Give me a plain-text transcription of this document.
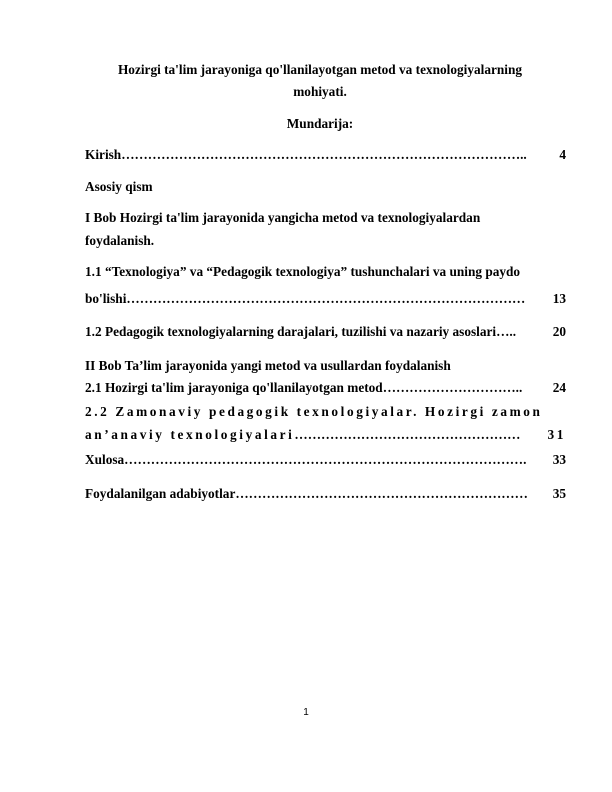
Hozirgi ta'lim jarayoniga qo'llanilayotgan metod va texnologiyalarning
mohiyati.
Mundarija:
Kirish ………………………………………………………………………………..	4
Asosiy qism
I Bob Hozirgi ta'lim jarayonida yangicha metod va texnologiyalardan
foydalanish.
1.1 “Texnologiya” va “Pedagogik texnologiya” tushunchalari va uning paydo
bo'lishi ………………………………………………………………………………	13
1.2 Pedagogik texnologiyalarning darajalari, tuzilishi va nazariy asoslari …..	20
II Bob Ta’lim jarayonida yangi metod va usullardan foydalanish
2.1 Hozirgi ta'lim jarayoniga qo'llanilayotgan metod …………………………..	24
2.2 Zamonaviy pedagogik texnologiyalar. Hozirgi zamon
an’anaviy texnologiyalari ……………………………………………	31
Xulosa ……………………………………………………………………………….	33
Foydalanilgan adabiyotlar …………………………………………………………	35
1
